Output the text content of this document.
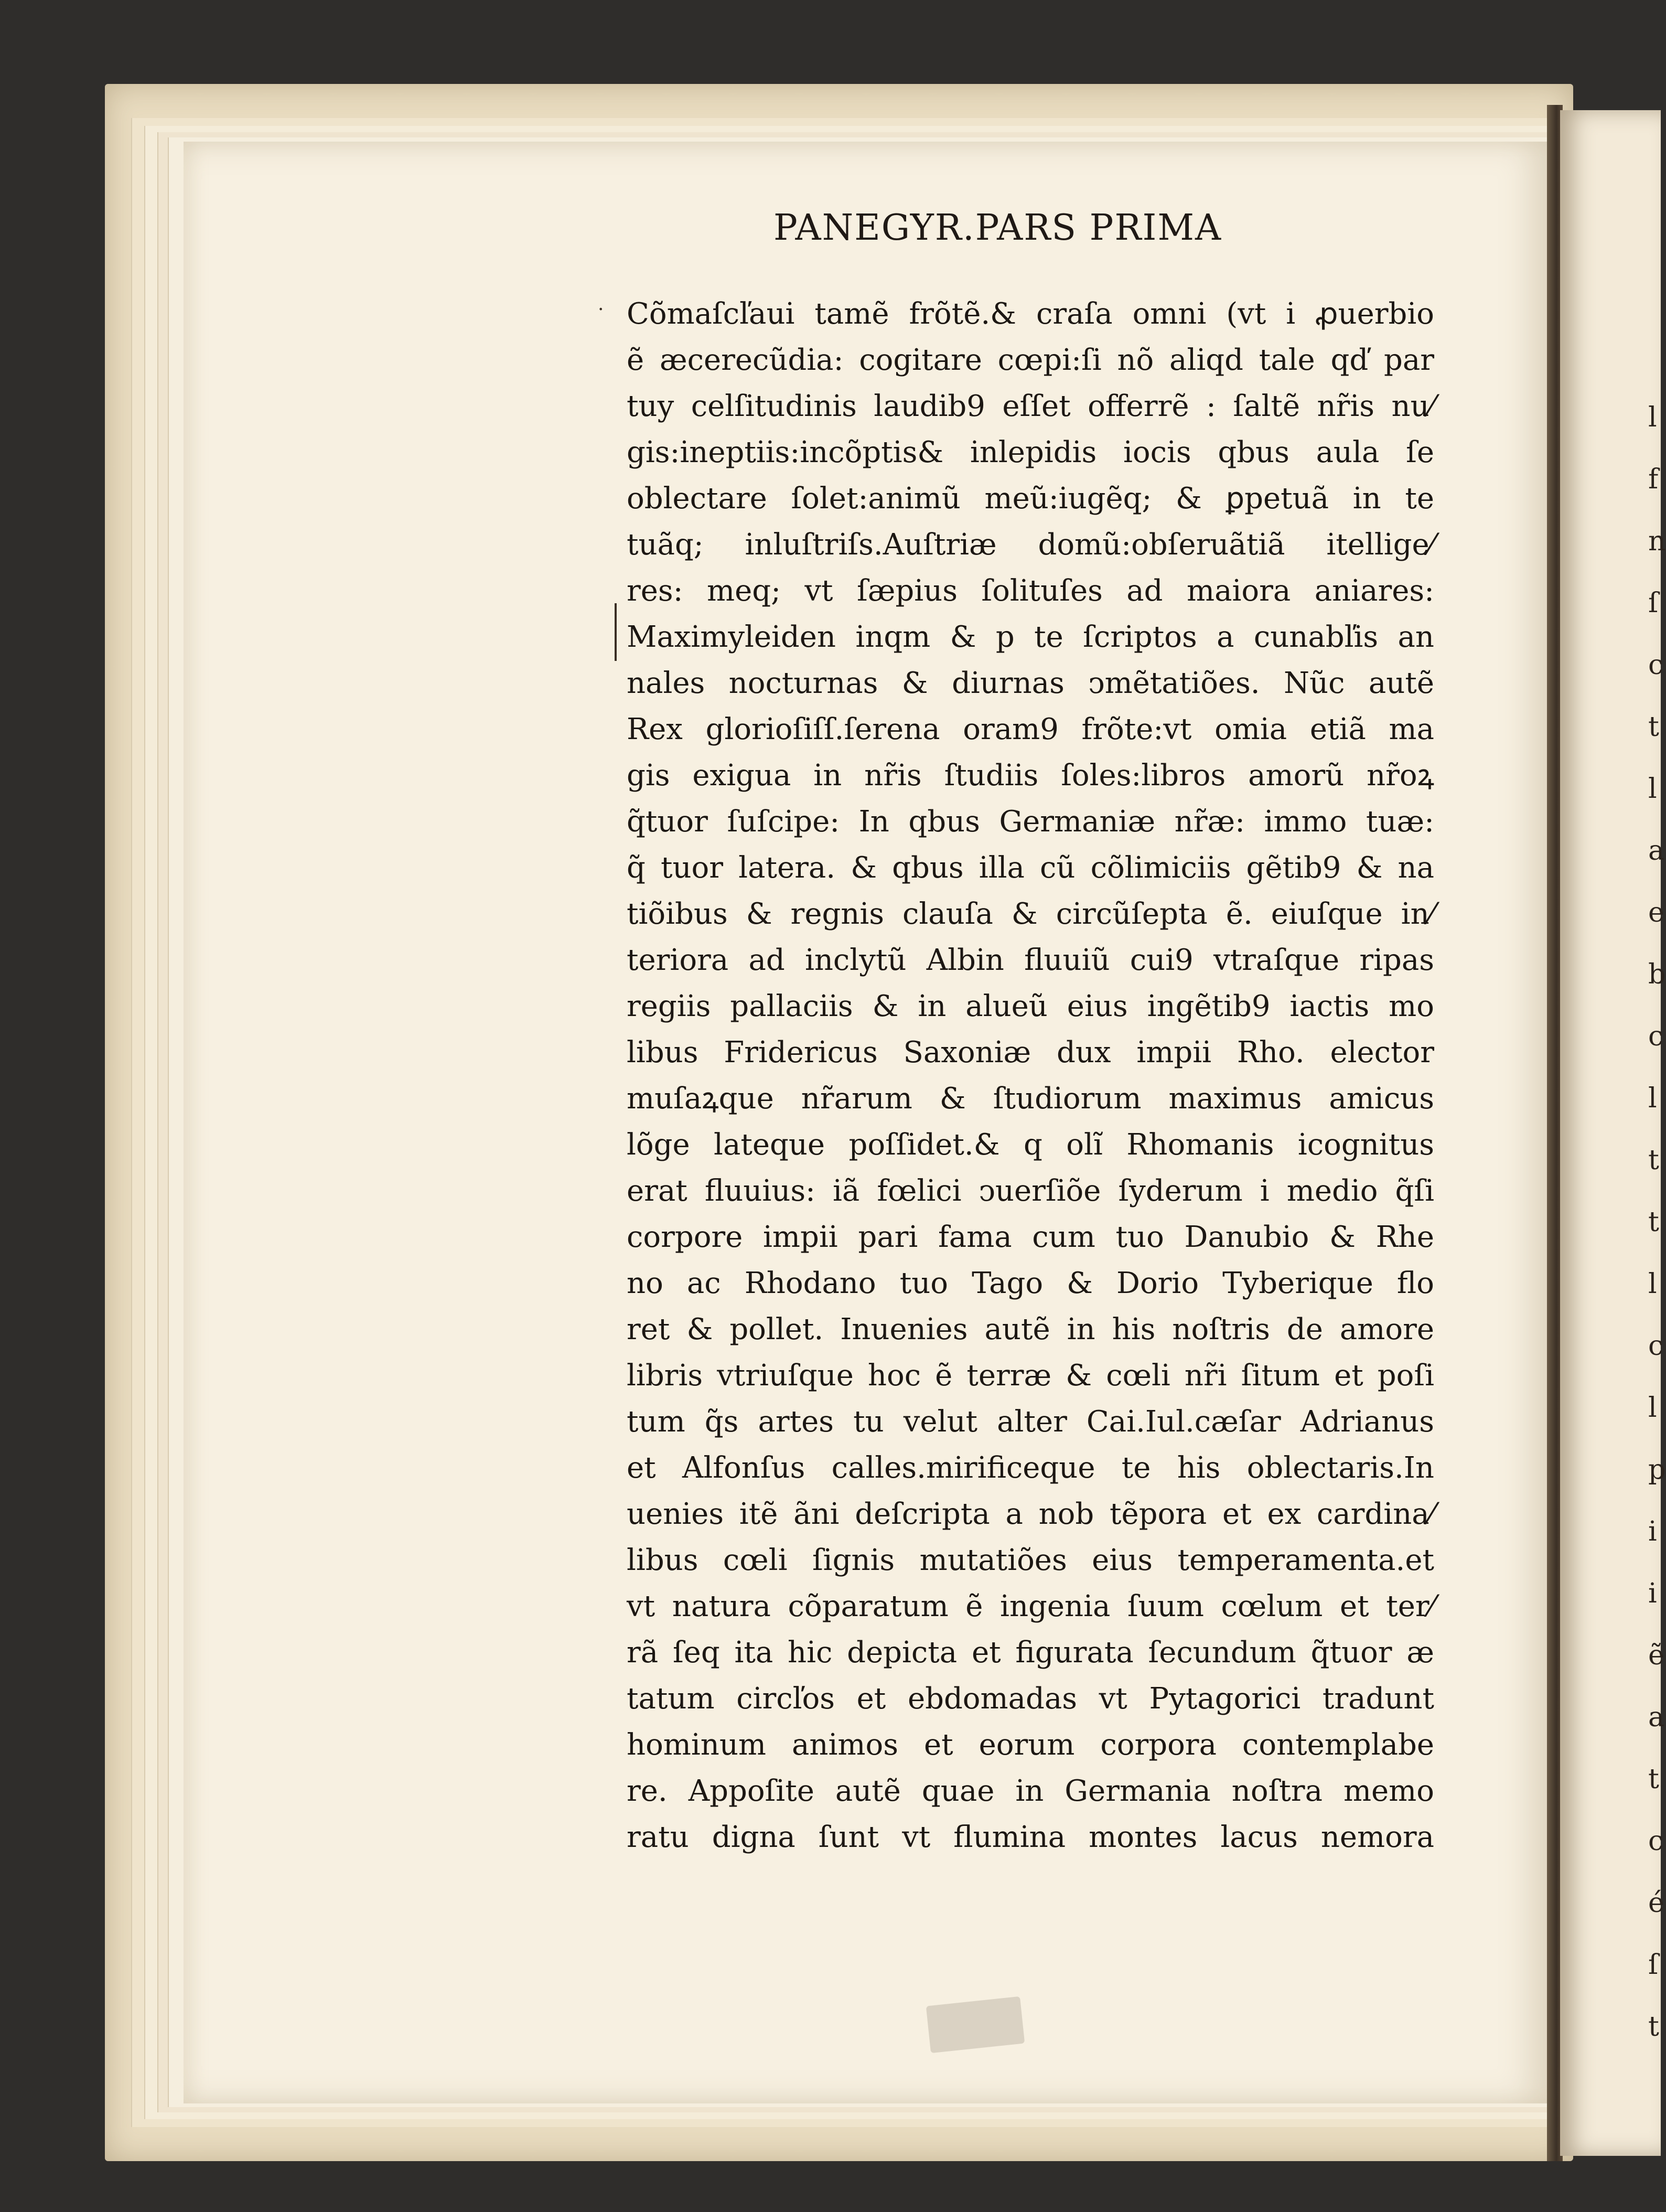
l
f
n
ſ
c
t
l
a
e
b
c
l
t
t
l
c
l
p
i
i
ẽ
a
t
c
é
ſ
t
PANEGYR.PARS PRIMA
· Cõmaſcľaui tamẽ frõtẽ.& craſa omni (vt i ꝓuerbio
ẽ æcerecũdia: cogitare cœpi:ſi nõ aliqd tale qď par
tuy celſitudinis laudib9 eſſet offerrẽ : ſaltẽ nr̃is nu⁄
gis:ineptiis:incõptis& inlepidis iocis qbus aula ſe
oblectare ſolet:animũ meũ:iugẽq; & ꝑpetuã in te
tuãq; inluſtriſs.Auſtriæ domũ:obſeruãtiã itellige⁄
res: meq; vt ſæpius ſolituſes ad maiora aniares:
Maximyleiden inqm & p te ſcriptos a cunabľis an
nales nocturnas & diurnas ↄmẽtatiões. Nũc autẽ
Rex glorioſiſſ.ſerena oram9 frõte:vt omia etiã ma
gis exigua in nr̃is ſtudiis ſoles:libros amorũ nr̃oꝝ
q̃tuor ſuſcipe: In qbus Germaniæ nr̃æ: immo tuæ:
q̃ tuor latera. & qbus illa cũ cõlimiciis gẽtib9 & na
tiõibus & regnis clauſa & circũſepta ẽ. eiuſque in⁄
teriora ad inclytũ Albin fluuiũ cui9 vtraſque ripas
regiis pallaciis & in alueũ eius ingẽtib9 iactis mo
libus Fridericus Saxoniæ dux impii Rho. elector
muſaꝝque nr̃arum & ſtudiorum maximus amicus
lõge lateque poſſidet.& q olĩ Rhomanis icognitus
erat fluuius: iã fœlici ↄuerſiõe ſyderum i medio q̃ſi
corpore impii pari fama cum tuo Danubio & Rhe
no ac Rhodano tuo Tago & Dorio Tyberique flo
ret & pollet. Inuenies autẽ in his noſtris de amore
libris vtriuſque hoc ẽ terræ & cœli nr̃i ſitum et poſi
tum q̃s artes tu velut alter Cai.Iul.cæſar Adrianus
et Alfonſus calles.mirificeque te his oblectaris.In
uenies itẽ ãni deſcripta a nob tẽpora et ex cardina⁄
libus cœli ſignis mutatiões eius temperamenta.et
vt natura cõparatum ẽ ingenia ſuum cœlum et ter⁄
rã ſeq ita hic depicta et figurata ſecundum q̃tuor æ
tatum circľos et ebdomadas vt Pytagorici tradunt
hominum animos et eorum corpora contemplabe
re. Appoſite autẽ quae in Germania noſtra memo
ratu digna ſunt vt flumina montes lacus nemora
